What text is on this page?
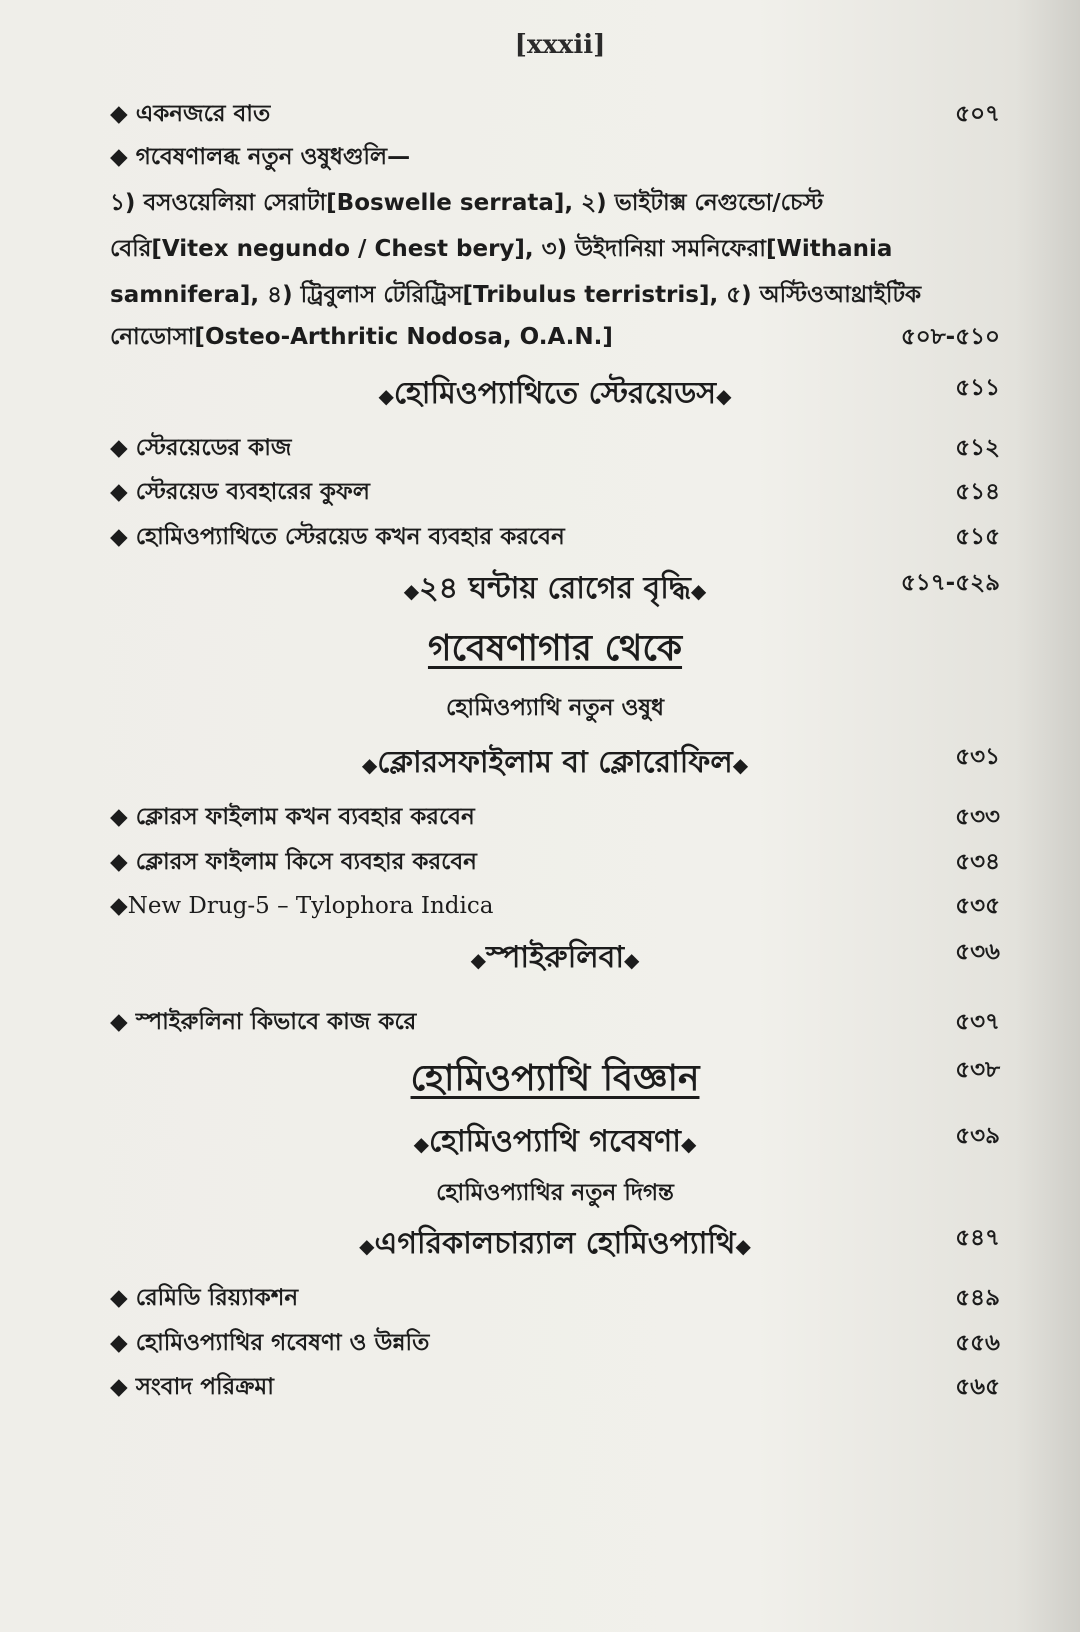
[xxxii]
◆ একনজরে বাত	৫০৭
◆ গবেষণালব্ধ নতুন ওষুধগুলি—
১) বসওয়েলিয়া সেরাটা[Boswelle serrata], ২) ভাইটাক্স নেগুন্ডো/চেস্ট
বেরি[Vitex negundo / Chest bery], ৩) উইদানিয়া সমনিফেরা[Withania
samnifera], ৪) ট্রিবুলাস টেরিট্রিস[Tribulus terristris], ৫) অস্টিওআথ্রাইটিক
নোডোসা[Osteo-Arthritic Nodosa, O.A.N.]	৫০৮-৫১০
◆ হোমিওপ্যাথিতে স্টেরয়েডস ◆	৫১১
◆ স্টেরয়েডের কাজ	৫১২
◆ স্টেরয়েড ব্যবহারের কুফল	৫১৪
◆ হোমিওপ্যাথিতে স্টেরয়েড কখন ব্যবহার করবেন	৫১৫
◆ ২৪ ঘন্টায় রোগের বৃদ্ধি ◆	৫১৭-৫২৯
গবেষণাগার থেকে
হোমিওপ্যাথি নতুন ওষুধ
◆ ক্লোরসফাইলাম বা ক্লোরোফিল ◆	৫৩১
◆ ক্লোরস ফাইলাম কখন ব্যবহার করবেন	৫৩৩
◆ ক্লোরস ফাইলাম কিসে ব্যবহার করবেন	৫৩৪
◆New Drug-5 – Tylophora Indica	৫৩৫
◆ স্পাইরুলিবা ◆	৫৩৬
◆ স্পাইরুলিনা কিভাবে কাজ করে	৫৩৭
হোমিওপ্যাথি বিজ্ঞান	৫৩৮
◆ হোমিওপ্যাথি গবেষণা ◆	৫৩৯
হোমিওপ্যাথির নতুন দিগন্ত
◆ এগরিকালচার‍্যাল হোমিওপ্যাথি ◆	৫৪৭
◆ রেমিডি রিয়্যাকশন	৫৪৯
◆ হোমিওপ্যাথির গবেষণা ও উন্নতি	৫৫৬
◆ সংবাদ পরিক্রমা	৫৬৫
